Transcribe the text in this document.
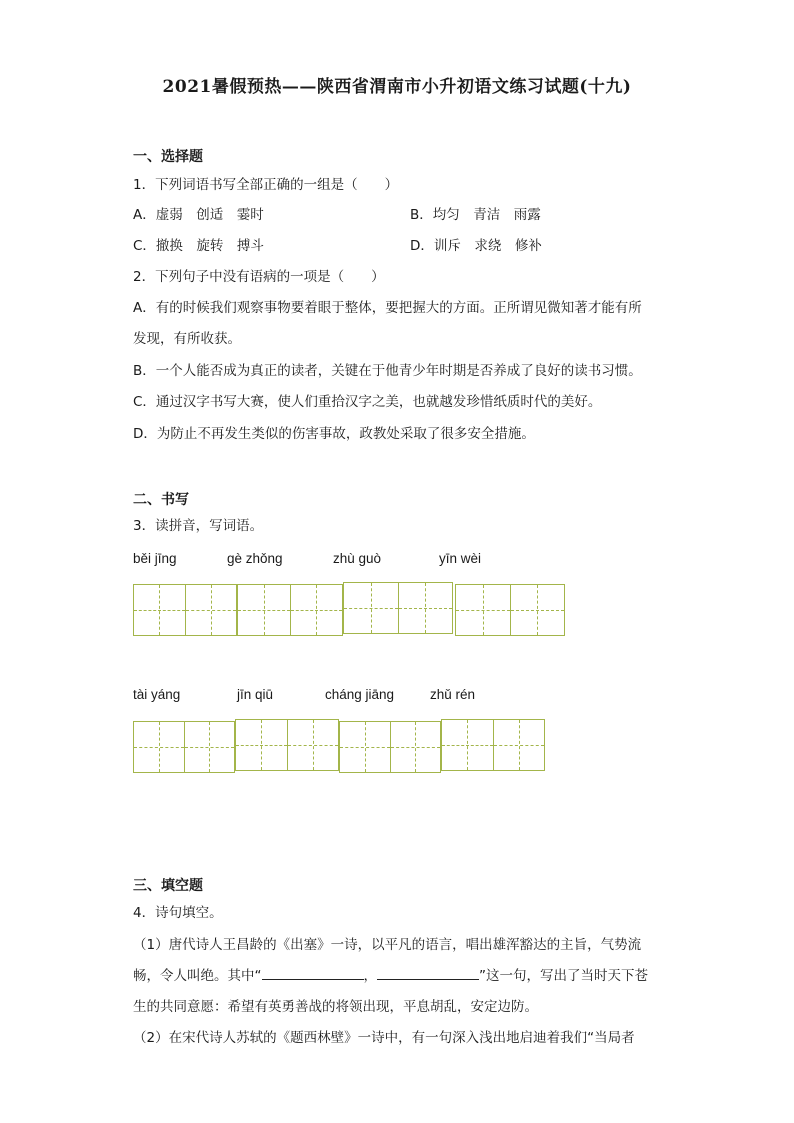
2021暑假预热——陕西省渭南市小升初语文练习试题(十九)
一、选择题
1．下列词语书写全部正确的一组是（　　）
A．虚弱　创适　霎时	B．均匀　青洁　雨露
C．撤换　旋转　搏斗	D．训斥　求绕　修补
2．下列句子中没有语病的一项是（　　）
A．有的时候我们观察事物要着眼于整体，要把握大的方面。正所谓见微知著才能有所
发现，有所收获。
B．一个人能否成为真正的读者，关键在于他青少年时期是否养成了良好的读书习惯。
C．通过汉字书写大赛，使人们重拾汉字之美，也就越发珍惜纸质时代的美好。
D．为防止不再发生类似的伤害事故，政教处采取了很多安全措施。
二、书写
3．读拼音，写词语。
běi jīng	gè zhǒng	zhù guò	yīn wèi
tài yáng	jīn qiū	cháng jiāng	zhǔ rén
三、填空题
4．诗句填空。
（1）唐代诗人王昌龄的《出塞》一诗，以平凡的语言，唱出雄浑豁达的主旨，气势流
畅，令人叫绝。其中“	，	”这一句，写出了当时天下苍
生的共同意愿：希望有英勇善战的将领出现，平息胡乱，安定边防。
（2）在宋代诗人苏轼的《题西林壁》一诗中，有一句深入浅出地启迪着我们“当局者
